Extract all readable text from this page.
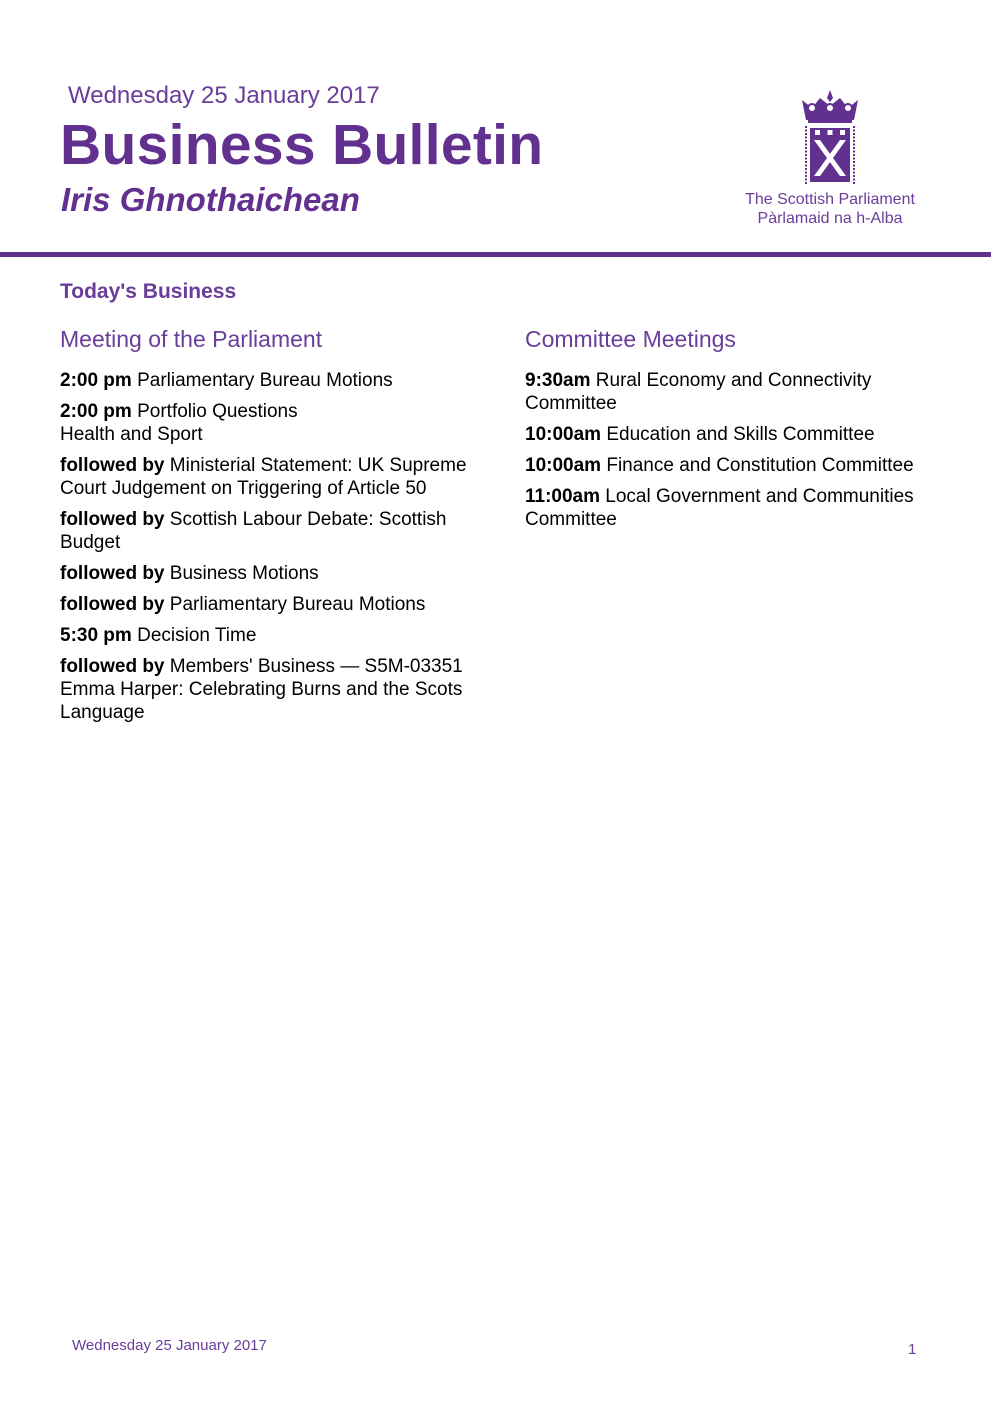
Wednesday 25 January 2017
Business Bulletin
Iris Ghnothaichean	The Scottish Parliament
Pàrlamaid na h-Alba
Today's Business
Meeting of the Parliament
2:00 pm Parliamentary Bureau Motions
2:00 pm Portfolio Questions
Health and Sport
followed by Ministerial Statement: UK Supreme Court Judgement on Triggering of Article 50
followed by Scottish Labour Debate: Scottish Budget
followed by Business Motions
followed by Parliamentary Bureau Motions
5:30 pm Decision Time
followed by Members' Business — S5M-03351 Emma Harper: Celebrating Burns and the Scots Language
Committee Meetings
9:30am Rural Economy and Connectivity Committee
10:00am Education and Skills Committee
10:00am Finance and Constitution Committee
11:00am Local Government and Communities Committee
Wednesday 25 January 2017	1
